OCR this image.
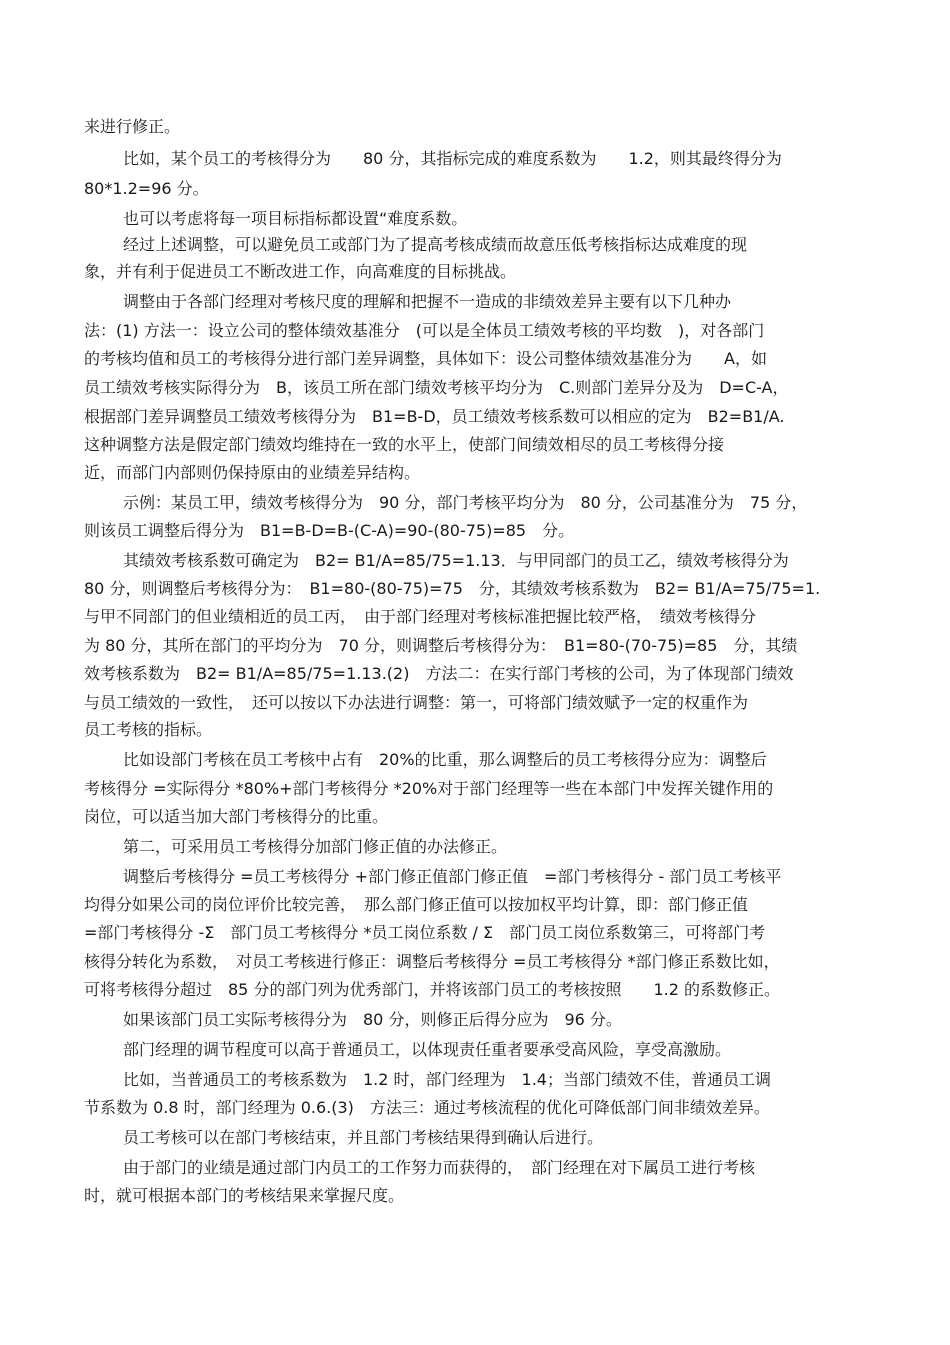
来进行修正。
比如，某个员工的考核得分为　　80 分，其指标完成的难度系数为　　1.2，则其最终得分为
80*1.2=96 分。
也可以考虑将每一项目标指标都设置“难度系数。
经过上述调整，可以避免员工或部门为了提高考核成绩而故意压低考核指标达成难度的现
象，并有利于促进员工不断改进工作，向高难度的目标挑战。
调整由于各部门经理对考核尺度的理解和把握不一造成的非绩效差异主要有以下几种办
法：(1) 方法一：设立公司的整体绩效基准分　(可以是全体员工绩效考核的平均数　)，对各部门
的考核均值和员工的考核得分进行部门差异调整，具体如下：设公司整体绩效基准分为　　A，如
员工绩效考核实际得分为　B，该员工所在部门绩效考核平均分为　C.则部门差异分及为　D=C-A，
根据部门差异调整员工绩效考核得分为　B1=B-D，员工绩效考核系数可以相应的定为　B2=B1/A.
这种调整方法是假定部门绩效均维持在一致的水平上，使部门间绩效相尽的员工考核得分接
近，而部门内部则仍保持原由的业绩差异结构。
示例：某员工甲，绩效考核得分为　90 分，部门考核平均分为　80 分，公司基准分为　75 分，
则该员工调整后得分为　B1=B-D=B-(C-A)=90-(80-75)=85　分。
其绩效考核系数可确定为　B2= B1/A=85/75=1.13．与甲同部门的员工乙，绩效考核得分为
80 分，则调整后考核得分为：　B1=80-(80-75)=75　分，其绩效考核系数为　B2= B1/A=75/75=1.
与甲不同部门的但业绩相近的员工丙，　由于部门经理对考核标准把握比较严格，　绩效考核得分
为 80 分，其所在部门的平均分为　70 分，则调整后考核得分为：　B1=80-(70-75)=85　分，其绩
效考核系数为　B2= B1/A=85/75=1.13.(2)　方法二：在实行部门考核的公司，为了体现部门绩效
与员工绩效的一致性，　还可以按以下办法进行调整：第一，可将部门绩效赋予一定的权重作为
员工考核的指标。
比如设部门考核在员工考核中占有　20%的比重，那么调整后的员工考核得分应为：调整后
考核得分 =实际得分 *80%+部门考核得分 *20%对于部门经理等一些在本部门中发挥关键作用的
岗位，可以适当加大部门考核得分的比重。
第二，可采用员工考核得分加部门修正值的办法修正。
调整后考核得分 =员工考核得分 +部门修正值部门修正值　=部门考核得分 - 部门员工考核平
均得分如果公司的岗位评价比较完善，　那么部门修正值可以按加权平均计算，即：部门修正值
=部门考核得分 -Σ　部门员工考核得分 *员工岗位系数 / Σ　部门员工岗位系数第三，可将部门考
核得分转化为系数，　对员工考核进行修正：调整后考核得分 =员工考核得分 *部门修正系数比如，
可将考核得分超过　85 分的部门列为优秀部门，并将该部门员工的考核按照　　1.2 的系数修正。
如果该部门员工实际考核得分为　80 分，则修正后得分应为　96 分。
部门经理的调节程度可以高于普通员工，以体现责任重者要承受高风险，享受高激励。
比如，当普通员工的考核系数为　1.2 时，部门经理为　1.4；当部门绩效不佳，普通员工调
节系数为 0.8 时，部门经理为 0.6.(3)　方法三：通过考核流程的优化可降低部门间非绩效差异。
员工考核可以在部门考核结束，并且部门考核结果得到确认后进行。
由于部门的业绩是通过部门内员工的工作努力而获得的，　部门经理在对下属员工进行考核
时，就可根据本部门的考核结果来掌握尺度。
